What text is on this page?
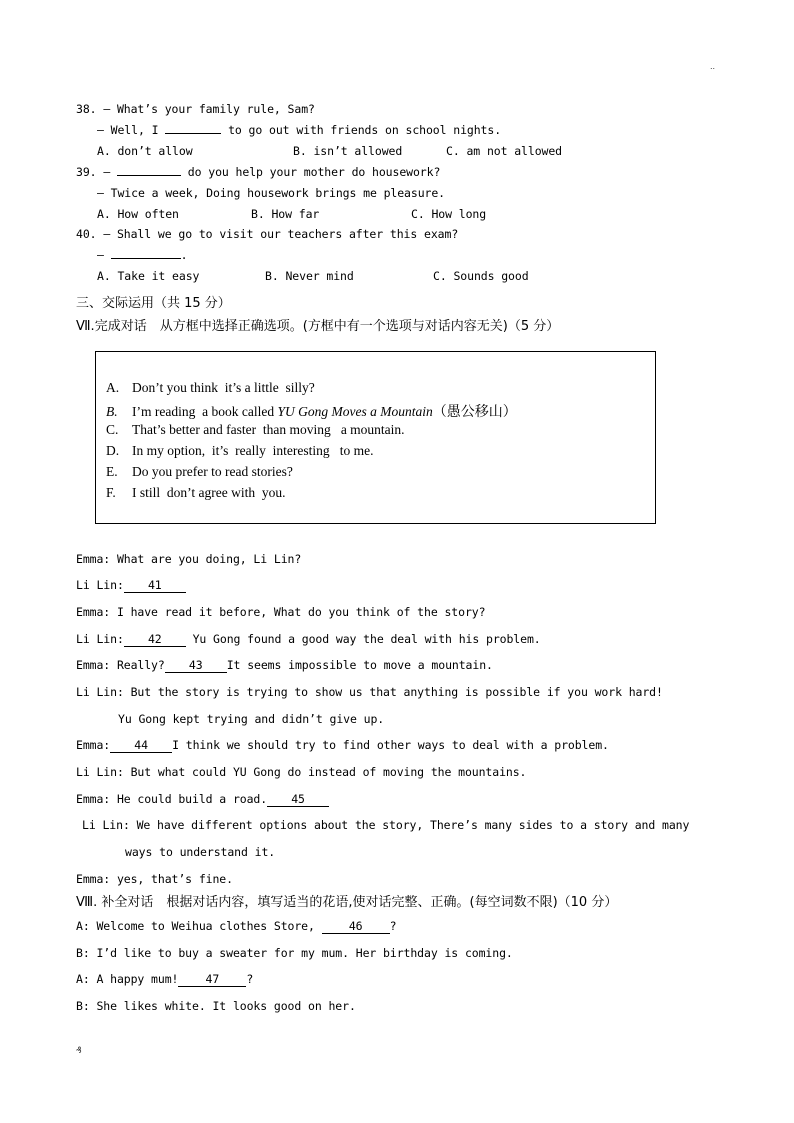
..
38. — What’s your family rule, Sam?
— Well, I	to go out with friends on school nights.
A. don’t allow	B. isn’t allowed	C. am not allowed
39. —	do you help your mother do housework?
— Twice a week, Doing housework brings me pleasure.
A. How often	B. How far	C. How long
40. — Shall we go to visit our teachers after this exam?
—	.
A. Take it easy	B. Never mind	C. Sounds good
三、交际运用（共 15 分）
Ⅶ.完成对话　从方框中选择正确选项。(方框中有一个选项与对话内容无关)（5 分）
A. Don’t you think  it’s a little  silly?
B. I’m reading  a book called YU Gong Moves a Mountain（愚公移山）
C. That’s better and faster  than moving   a mountain.
D. In my option,  it’s  really  interesting   to me.
E. Do you prefer to read stories?
F. I still  don’t agree with  you.
Emma: What are you doing, Li Lin?
Li Lin: 41
Emma: I have read it before, What do you think of the story?
Li Lin: 42 Yu Gong found a good way the deal with his problem.
Emma: Really? 43 It seems impossible to move a mountain.
Li Lin: But the story is trying to show us that anything is possible if you work hard!
Yu Gong kept trying and didn’t give up.
Emma: 44 I think we should try to find other ways to deal with a problem.
Li Lin: But what could YU Gong do instead of moving the mountains.
Emma: He could build a road. 45
Li Lin: We have different options about the story, There’s many sides to a story and many
ways to understand it.
Emma: yes, that’s fine.
Ⅷ. 补全对话　根据对话内容，填写适当的花语,使对话完整、正确。(每空词数不限)（10 分）
A: Welcome to Weihua clothes Store, 46 ?
B: I’d like to buy a sweater for my mum. Her birthday is coming.
A: A happy mum! 47 ?
B: She likes white. It looks good on her.
₰
